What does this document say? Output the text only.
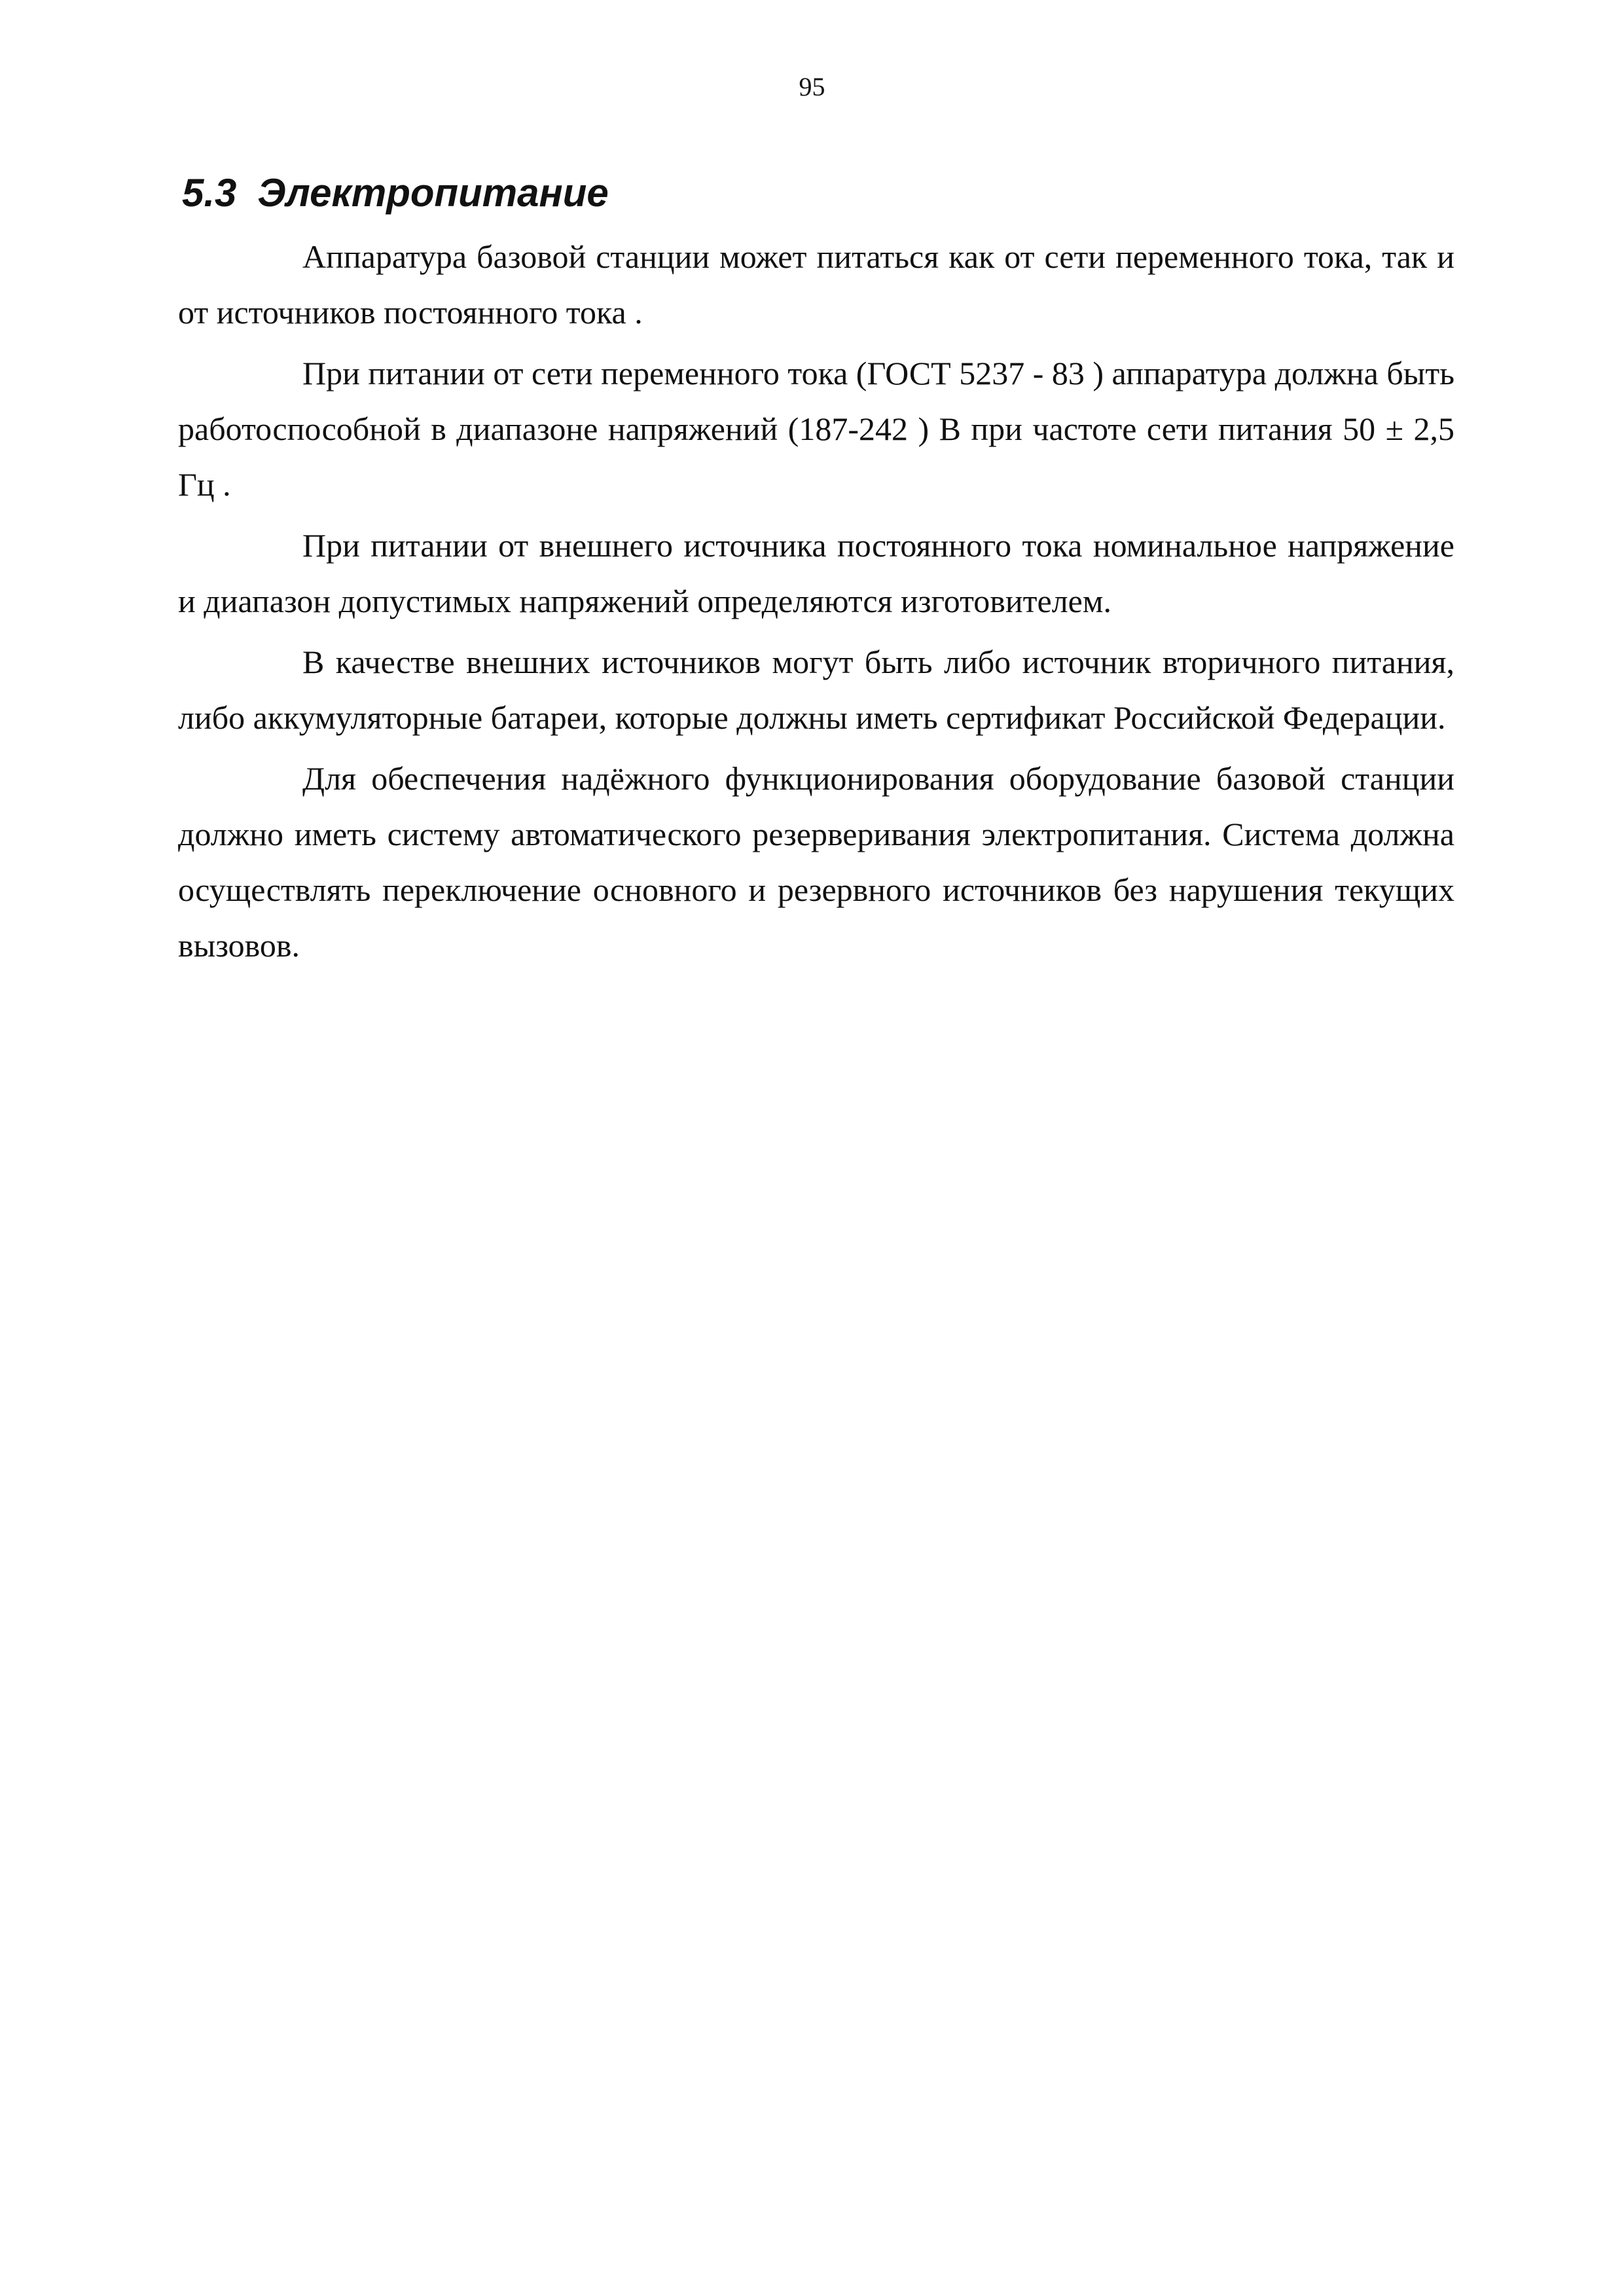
95
5.3 Электропитание

Аппаратура базовой станции может питаться как от сети переменного тока, так и от источников постоянного тока .

При питании от сети переменного тока (ГОСТ 5237 - 83 ) аппаратура должна быть работоспособной в диапазоне напряжений (187-242 ) В при частоте сети питания 50 ± 2,5 Гц .

При питании от внешнего источника постоянного тока номинальное напряжение и диапазон допустимых напряжений определяются изготовителем.

В качестве внешних источников могут быть либо источник вторичного питания, либо аккумуляторные батареи, которые должны иметь сертификат Российской Федерации.

Для обеспечения надёжного функционирования оборудование базовой станции должно иметь систему автоматического резерверивания электропитания. Система должна осуществлять переключение основного и резервного источников без нарушения текущих вызовов.
